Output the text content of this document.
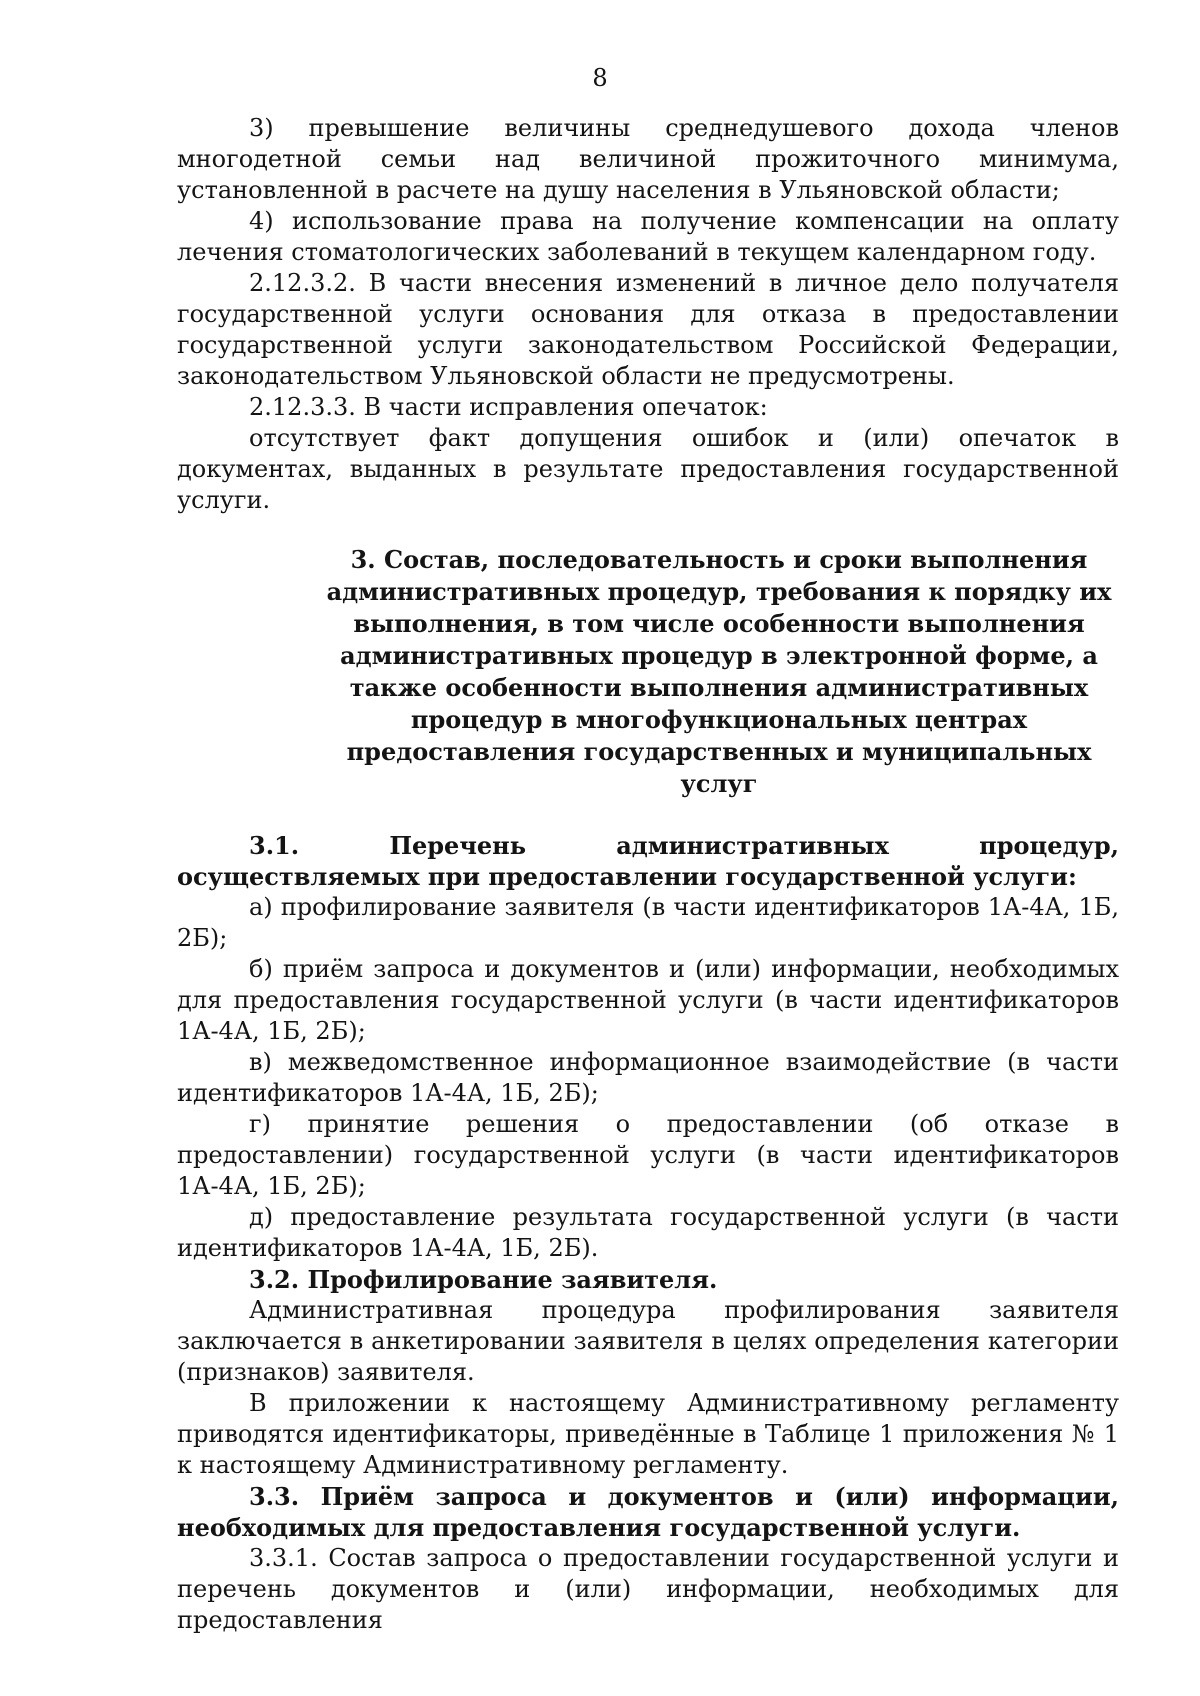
8

3) превышение величины среднедушевого дохода членов многодетной семьи над величиной прожиточного минимума, установленной в расчете на душу населения в Ульяновской области;

4) использование права на получение компенсации на оплату лечения стоматологических заболеваний в текущем календарном году.

2.12.3.2. В части внесения изменений в личное дело получателя государственной услуги основания для отказа в предоставлении государственной услуги законодательством Российской Федерации, законодательством Ульяновской области не предусмотрены.

2.12.3.3. В части исправления опечаток:

отсутствует факт допущения ошибок и (или) опечаток в документах, выданных в результате предоставления государственной услуги.

3. Состав, последовательность и сроки выполнения административных процедур, требования к порядку их выполнения, в том числе особенности выполнения административных процедур в электронной форме, а также особенности выполнения административных процедур в многофункциональных центрах предоставления государственных и муниципальных услуг

3.1. Перечень административных процедур, осуществляемых при предоставлении государственной услуги:

а) профилирование заявителя (в части идентификаторов 1А-4А, 1Б, 2Б);

б) приём запроса и документов и (или) информации, необходимых для предоставления государственной услуги (в части идентификаторов 1А-4А, 1Б, 2Б);

в) межведомственное информационное взаимодействие (в части идентификаторов 1А-4А, 1Б, 2Б);

г) принятие решения о предоставлении (об отказе в предоставлении) государственной услуги (в части идентификаторов 1А-4А, 1Б, 2Б);

д) предоставление результата государственной услуги (в части идентификаторов 1А-4А, 1Б, 2Б).

3.2. Профилирование заявителя.

Административная процедура профилирования заявителя заключается в анкетировании заявителя в целях определения категории (признаков) заявителя.

В приложении к настоящему Административному регламенту приводятся идентификаторы, приведённые в Таблице 1 приложения № 1 к настоящему Административному регламенту.

3.3. Приём запроса и документов и (или) информации, необходимых для предоставления государственной услуги.

3.3.1. Состав запроса о предоставлении государственной услуги и перечень документов и (или) информации, необходимых для предоставления
